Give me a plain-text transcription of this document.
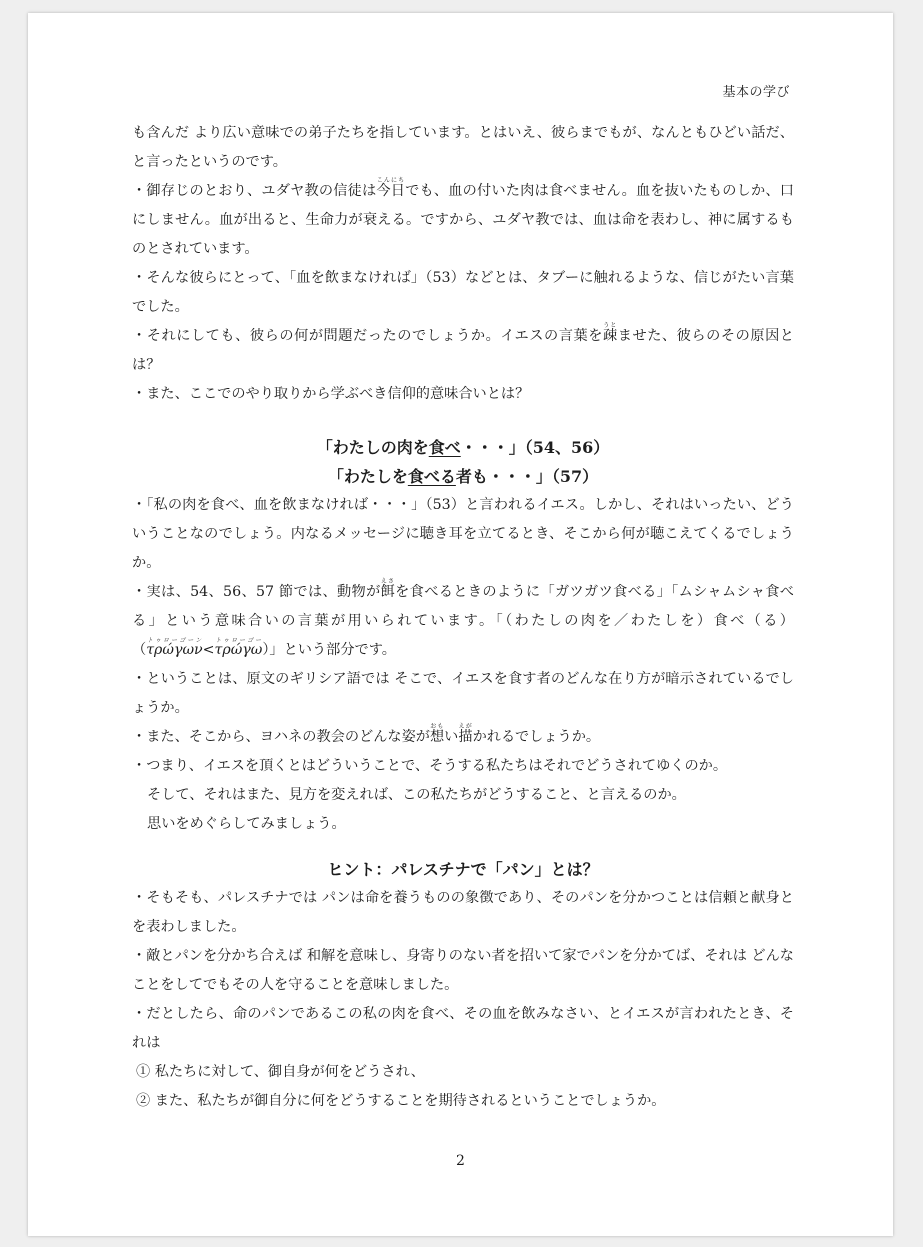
基本の学び

も含んだ より広い意味での弟子たちを指しています。とはいえ、彼らまでもが、なんともひどい話だ、と言ったというのです。

・御存じのとおり、ユダヤ教の信徒は今日こんにちでも、血の付いた肉は食べません。血を抜いたものしか、口にしません。血が出ると、生命力が衰える。ですから、ユダヤ教では、血は命を表わし、神に属するものとされています。

・そんな彼らにとって、「血を飲まなければ」（53）などとは、タブーに触れるような、信じがたい言葉でした。

・それにしても、彼らの何が問題だったのでしょうか。イエスの言葉を疎うとませた、彼らのその原因とは？

・また、ここでのやり取りから学ぶべき信仰的意味合いとは？

「わたしの肉を食べ・・・」（54、56）
「わたしを食べる者も・・・」（57）

・「私の肉を食べ、血を飲まなければ・・・」（53）と言われるイエス。しかし、それはいったい、どういうことなのでしょう。内なるメッセージに聴き耳を立てるとき、そこから何が聴こえてくるでしょうか。

・実は、54、56、57 節では、動物が餌えさを食べるときのように「ガツガツ食べる」「ムシャムシャ食べる」という意味合いの言葉が用いられています。「（わたしの肉を／わたしを）食べ（る）（τρώγωνトゥローゴーン<τρώγωトゥローゴー）」という部分です。

・ということは、原文のギリシア語では そこで、イエスを食す者のどんな在り方が暗示されているでしょうか。

・また、そこから、ヨハネの教会のどんな姿が想おもい描えがかれるでしょうか。

・つまり、イエスを頂くとはどういうことで、そうする私たちはそれでどうされてゆくのか。

そして、それはまた、見方を変えれば、この私たちがどうすること、と言えるのか。

思いをめぐらしてみましょう。

ヒント：パレスチナで「パン」とは？

・そもそも、パレスチナでは パンは命を養うものの象徴であり、そのパンを分かつことは信頼と献身とを表わしました。

・敵とパンを分かち合えば 和解を意味し、身寄りのない者を招いて家でパンを分かてば、それは どんなことをしてでもその人を守ることを意味しました。

・だとしたら、命のパンであるこの私の肉を食べ、その血を飲みなさい、とイエスが言われたとき、それは

① 私たちに対して、御自身が何をどうされ、

② また、私たちが御自分に何をどうすることを期待されるということでしょうか。

2
